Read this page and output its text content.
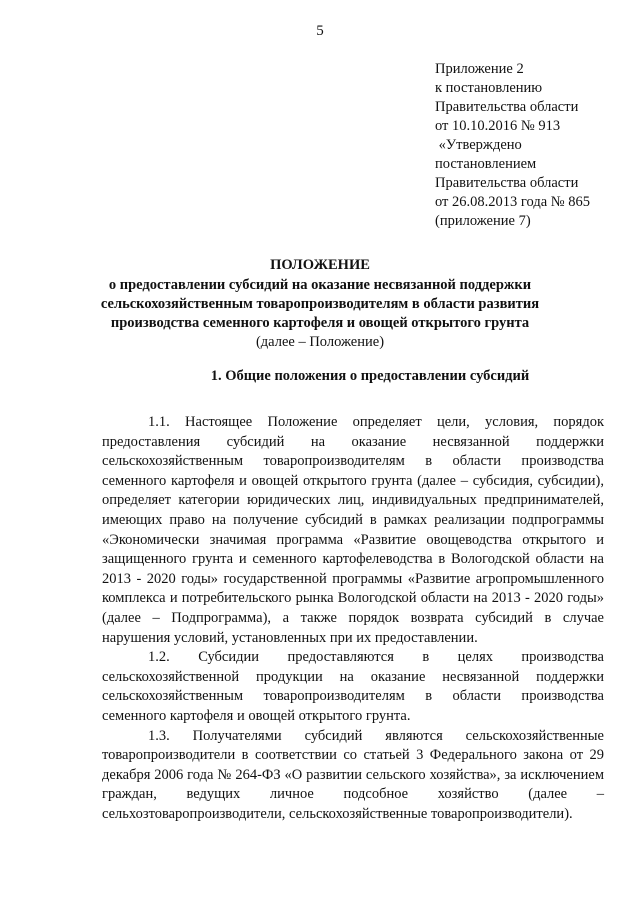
5
Приложение 2
к постановлению
Правительства области
от 10.10.2016 № 913
«Утверждено
постановлением
Правительства области
от 26.08.2013 года № 865
(приложение 7)
ПОЛОЖЕНИЕ
о предоставлении субсидий на оказание несвязанной поддержки
сельскохозяйственным товаропроизводителям в области развития
производства семенного картофеля и овощей открытого грунта
(далее – Положение)
1. Общие положения о предоставлении субсидий

1.1. Настоящее Положение определяет цели, условия, порядок предоставления субсидий на оказание несвязанной поддержки сельскохозяйственным товаропроизводителям в области производства семенного картофеля и овощей открытого грунта (далее – субсидия, субсидии), определяет категории юридических лиц, индивидуальных предпринимателей, имеющих право на получение субсидий в рамках реализации подпрограммы «Экономически значимая программа «Развитие овощеводства открытого и защищенного грунта и семенного картофелеводства в Вологодской области на 2013 - 2020 годы» государственной программы «Развитие агропромышленного комплекса и потребительского рынка Вологодской области на 2013 - 2020 годы» (далее – Подпрограмма), а также порядок возврата субсидий в случае нарушения условий, установленных при их предоставлении.

1.2. Субсидии предоставляются в целях производства сельскохозяйственной продукции на оказание несвязанной поддержки сельскохозяйственным товаропроизводителям в области производства семенного картофеля и овощей открытого грунта.

1.3. Получателями субсидий являются сельскохозяйственные товаропроизводители в соответствии со статьей 3 Федерального закона от 29 декабря 2006 года № 264-ФЗ «О развитии сельского хозяйства», за исключением граждан, ведущих личное подсобное хозяйство (далее – сельхозтоваропроизводители, сельскохозяйственные товаропроизводители).
